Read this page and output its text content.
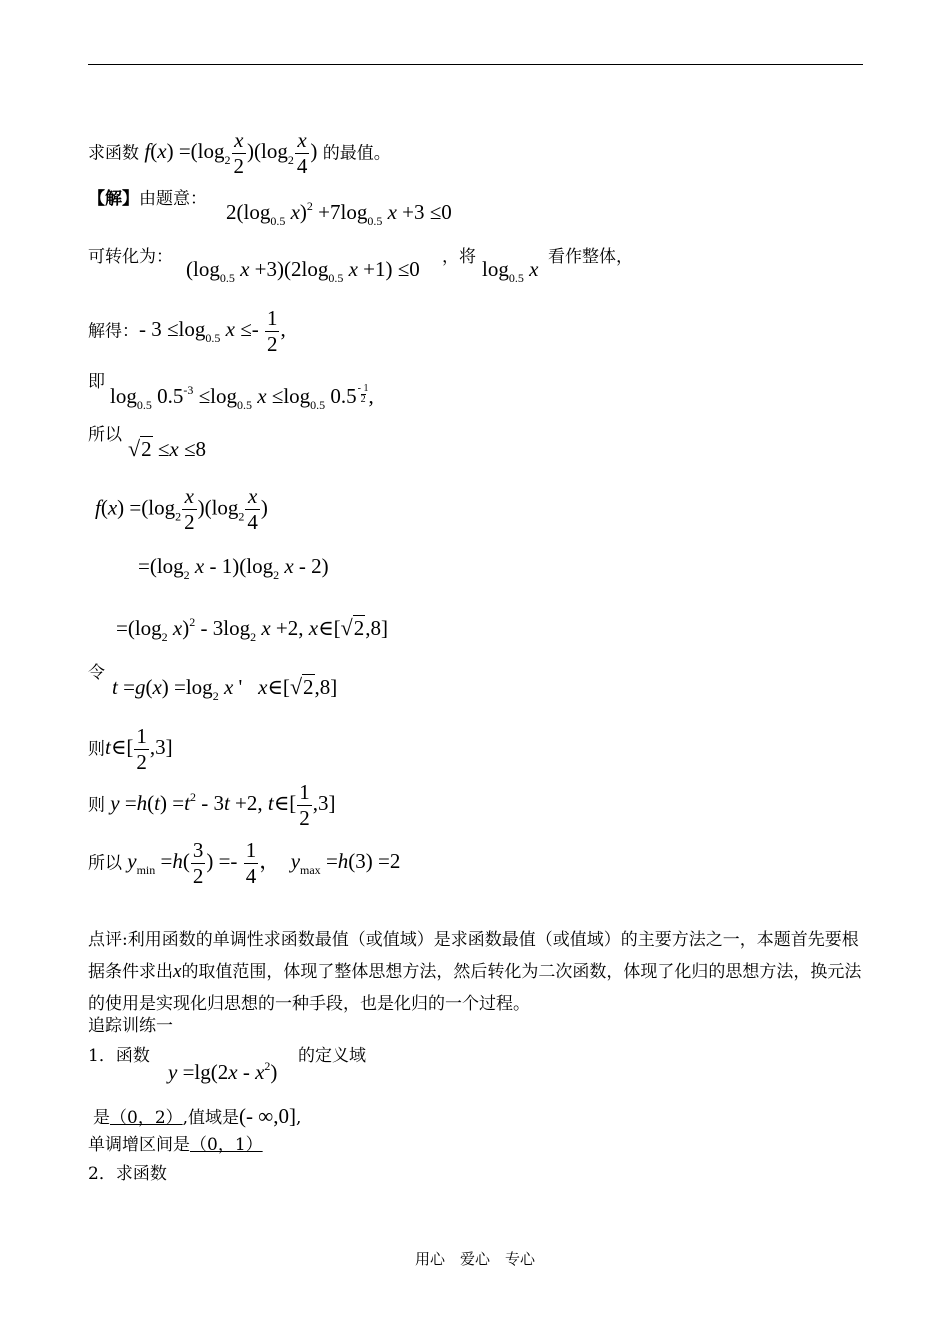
求函数 $f(x) =(\log_2 \frac{x}{2} )(\log_2 \frac{x}{4}$ ) 的最值。
【解】由题意：
$2(\log_{0.5}$ $x)^2 +7\log_{0.5}$ x +3 ≤0
可转化为： ($\log_{0.5}$ $x +3)(2\log_{0.5}$ x +1) ≤0 ，将 $\log_{0.5} x$ 看作整体，
解得：- $3 \le\log_{0.5}$ $x \le- \frac{1}{2}$ ,
即
$\log_{0.5} 0.5^{-3} \le\log_{0.5}$ $x \le\log_{0.5}$ $0.5 \frac{- 1}{2}$ ,
所以
√2 ≤x ≤8
$f(x) =(\log_2 \frac{x}{2} )(\log_2 \frac{x}{4}$ )
$=(\log_2$ x - $1)(\log_2$ x - 2)
$=(\log_2$ $x)^2 - 3\log_2$ x +2, x∈[√2,8]
令
$t =g(x) =\log_2$ x '   x∈[√2,8]
则t∈[ $\frac{1}{2} ,3$]
则 $y =h(t) =t^2 - 3t +2$, t∈[ $\frac{1}{2} ,3$]
所以 $y_{min} =h( \frac{3}{2}$ ) =- $\frac{1}{4}$ ，  $y_{max} =h(3) =2$
点评:利用函数的单调性求函数最值（或值域）是求函数最值（或值域）的主要方法之一，本题首先要根据条件求出x的取值范围，体现了整体思想方法，然后转化为二次函数，体现了化归的思想方法，换元法的使用是实现化归思想的一种手段，也是化归的一个过程。
追踪训练一
1．函数
$y =\lg(2x - x^2)$
的定义域
是（0，2）,值域是(- ∞,0],
单调增区间是（0，1）
2．求函数
用心　爱心　专心
